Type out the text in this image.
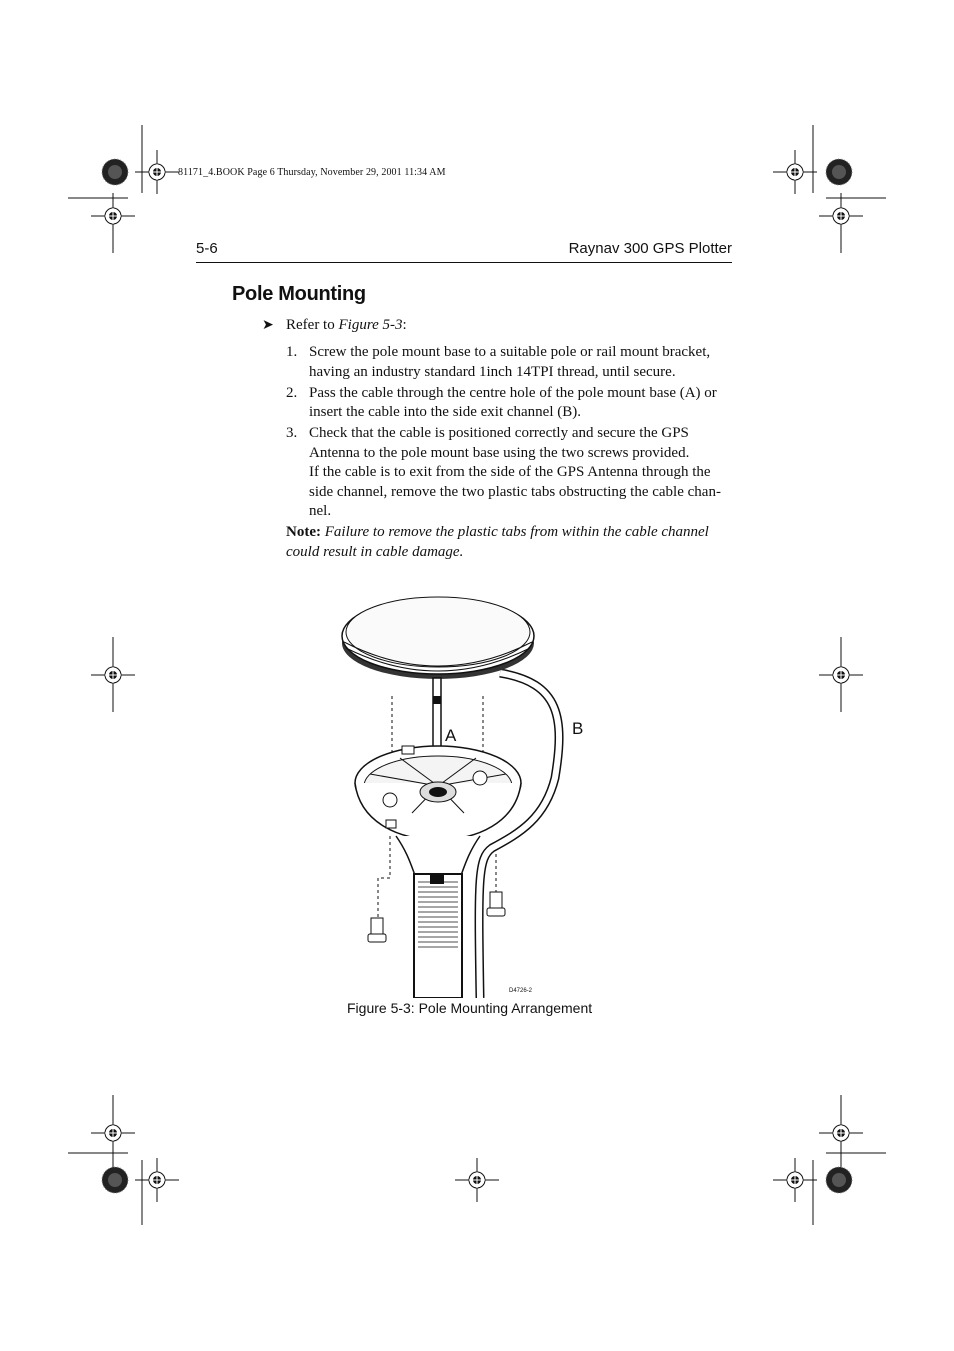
81171_4.BOOK Page 6 Thursday, November 29, 2001 11:34 AM
5-6	Raynav 300 GPS Plotter
Pole Mounting
➤ Refer to Figure 5-3:
1. Screw the pole mount base to a suitable pole or rail mount bracket, having an industry standard 1inch 14TPI thread, until secure.
2. Pass the cable through the centre hole of the pole mount base (A) or insert the cable into the side exit channel (B).
3. Check that the cable is positioned correctly and secure the GPS Antenna to the pole mount base using the two screws provided.
If the cable is to exit from the side of the GPS Antenna through the side channel, remove the two plastic tabs obstructing the cable chan-nel.
Note: Failure to remove the plastic tabs from within the cable channel could result in cable damage.
A	B
D4726-2
Figure 5-3: Pole Mounting Arrangement
